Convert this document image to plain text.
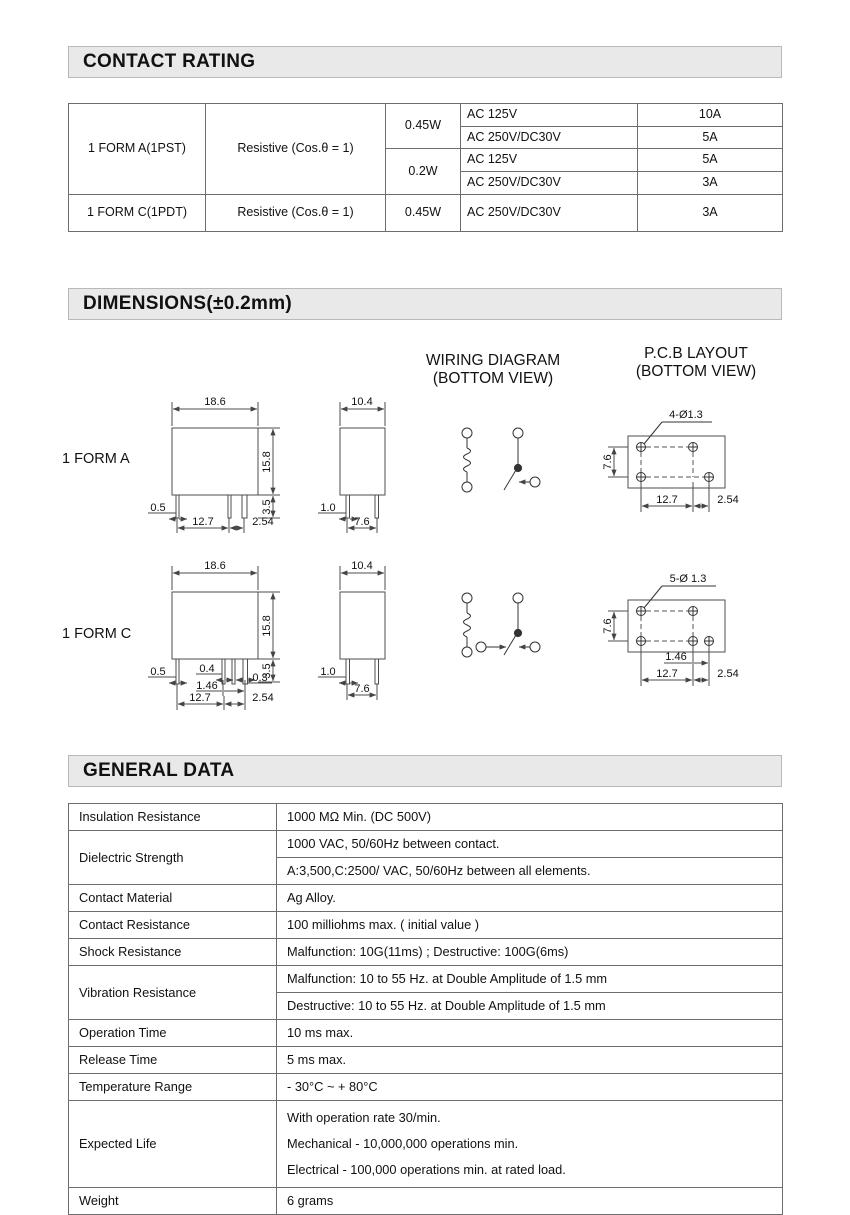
CONTACT RATING
1 FORM A(1PST)	Resistive (Cos.θ = 1)	0.45W	AC 125V	10A
			AC 250V/DC30V	5A
		0.2W	AC 125V	5A
			AC 250V/DC30V	3A
1 FORM C(1PDT)	Resistive (Cos.θ = 1)	0.45W	AC 250V/DC30V	3A
DIMENSIONS(±0.2mm)
WIRING DIAGRAM
(BOTTOM VIEW)
P.C.B LAYOUT
(BOTTOM VIEW)
1 FORM A
1 FORM C
18.6
15.8
3.5
0.5
12.7	2.54
10.4
1.0
7.6
4-Ø1.3
7.6
12.7	2.54
18.6
15.8
3.5
0.5	0.4
0.3
1.46
12.7	2.54
10.4
1.0
7.6
5-Ø 1.3
7.6
1.46
12.7	2.54
GENERAL DATA
Insulation Resistance	1000 MΩ Min. (DC 500V)
Dielectric Strength	1000 VAC, 50/60Hz between contact.
	A:3,500,C:2500/ VAC, 50/60Hz between all elements.
Contact Material	Ag Alloy.
Contact Resistance	100 milliohms max. ( initial value )
Shock Resistance	Malfunction: 10G(11ms) ; Destructive: 100G(6ms)
Vibration Resistance	Malfunction: 10 to 55 Hz. at Double Amplitude of 1.5 mm
	Destructive: 10 to 55 Hz. at Double Amplitude of 1.5 mm
Operation Time	10 ms max.
Release Time	5 ms max.
Temperature Range	- 30°C ~ + 80°C
Expected Life	With operation rate 30/min.
	Mechanical - 10,000,000 operations min.
	Electrical - 100,000 operations min. at rated load.
Weight	6 grams
